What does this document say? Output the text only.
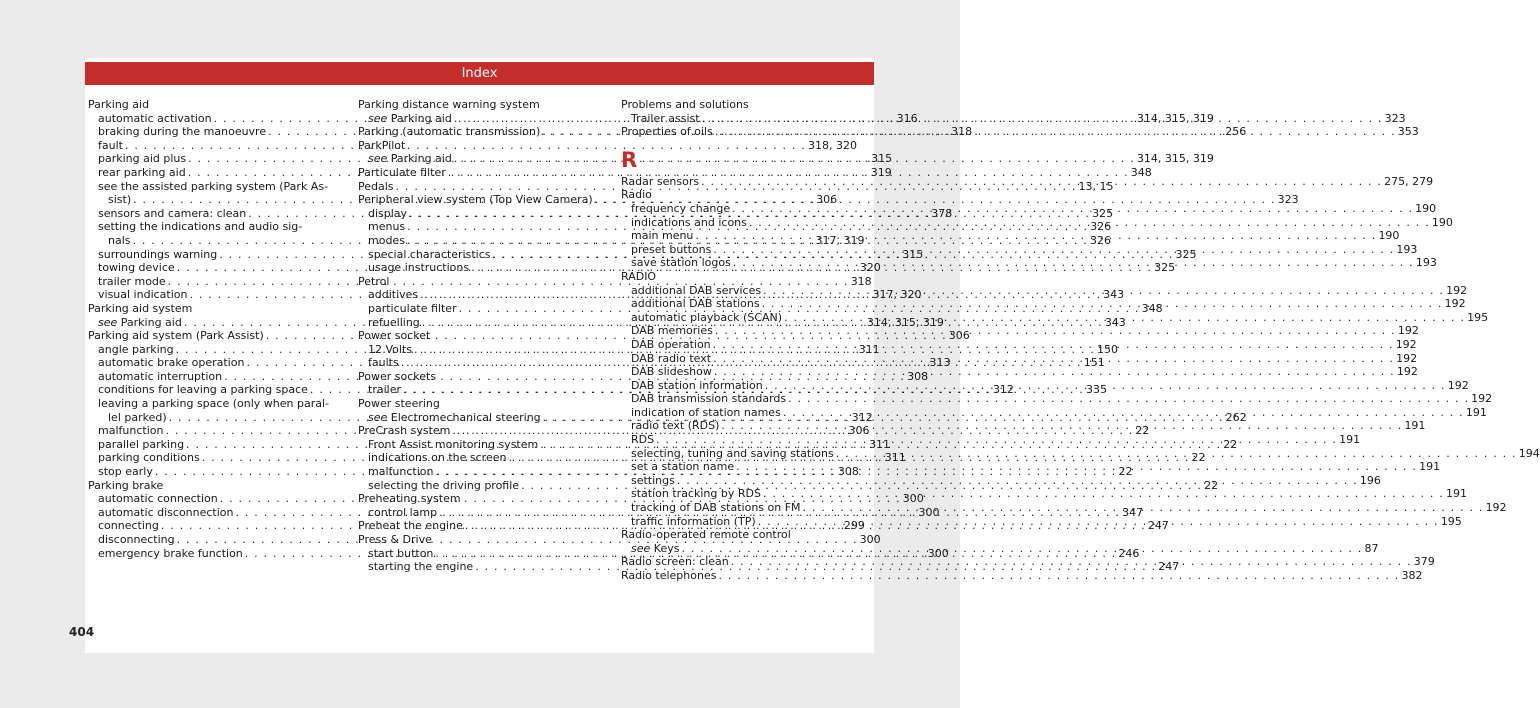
Index
404
Parking aid
automatic activation . . .	316
braking during the manoeuvre . . .	318
fault . . .	318, 320
parking aid plus . . .	315
rear parking aid . . .	319
see the assisted parking system (Park As-
sist) . . .	306
sensors and camera: clean . . .	378
setting the indications and audio sig-
nals . . .	317, 319
surroundings warning . . .	315
towing device . . .	320
trailer mode . . .	318
visual indication . . .	317, 320
Parking aid system
see Parking aid . . .	314, 315, 319
Parking aid system (Park Assist) . . .	306
angle parking . . .	311
automatic brake operation . . .	313
automatic interruption . . .	308
conditions for leaving a parking space . . .	312
leaving a parking space (only when paral-
lel parked) . . .	312
malfunction . . .	306
parallel parking . . .	311
parking conditions . . .	311
stop early . . .	308
Parking brake
automatic connection . . .	300
automatic disconnection . . .	300
connecting . . .	299
disconnecting . . .	300
emergency brake function . . .	300
Parking distance warning system
see Parking aid . . .	314, 315, 319
Parking (automatic transmission) . . .	256
ParkPilot
see Parking aid . . .	314, 315, 319
Particulate filter . . .	348
Pedals . . .	13, 15
Peripheral view system (Top View Camera) . . .	323
display . . .	325
menus . . .	326
modes . . .	326
special characteristics . . .	325
usage instructions . . .	325
Petrol
additives . . .	343
particulate filter . . .	348
refuelling . . .	343
Power socket
12 Volts . . .	150
faults . . .	151
Power sockets
trailer . . .	335
Power steering
see Electromechanical steering . . .	262
PreCrash system . . .	22
Front Assist monitoring system . . .	22
indications on the screen . . .	22
malfunction . . .	22
selecting the driving profile . . .	22
Preheating system
control lamp . . .	347
Preheat the engine . . .	247
Press & Drive
start button . . .	246
starting the engine . . .	247
Problems and solutions
Trailer assist . . .	323
Properties of oils . . .	353
R
Radar sensors . . .	275, 279
Radio
frequency change . . .	190
indications and icons . . .	190
main menu . . .	190
preset buttons . . .	193
save station logos . . .	193
RADIO
additional DAB services . . .	192
additional DAB stations . . .	192
automatic playback (SCAN) . . .	195
DAB memories . . .	192
DAB operation . . .	192
DAB radio text . . .	192
DAB slideshow . . .	192
DAB station information . . .	192
DAB transmission standards . . .	192
indication of station names . . .	191
radio text (RDS) . . .	191
RDS . . .	191
selecting, tuning and saving stations . . .	194
set a station name . . .	191
settings . . .	196
station tracking by RDS . . .	191
tracking of DAB stations on FM . . .	192
traffic information (TP) . . .	195
Radio-operated remote control
see Keys . . .	87
Radio screen: clean . . .	379
Radio telephones . . .	382
